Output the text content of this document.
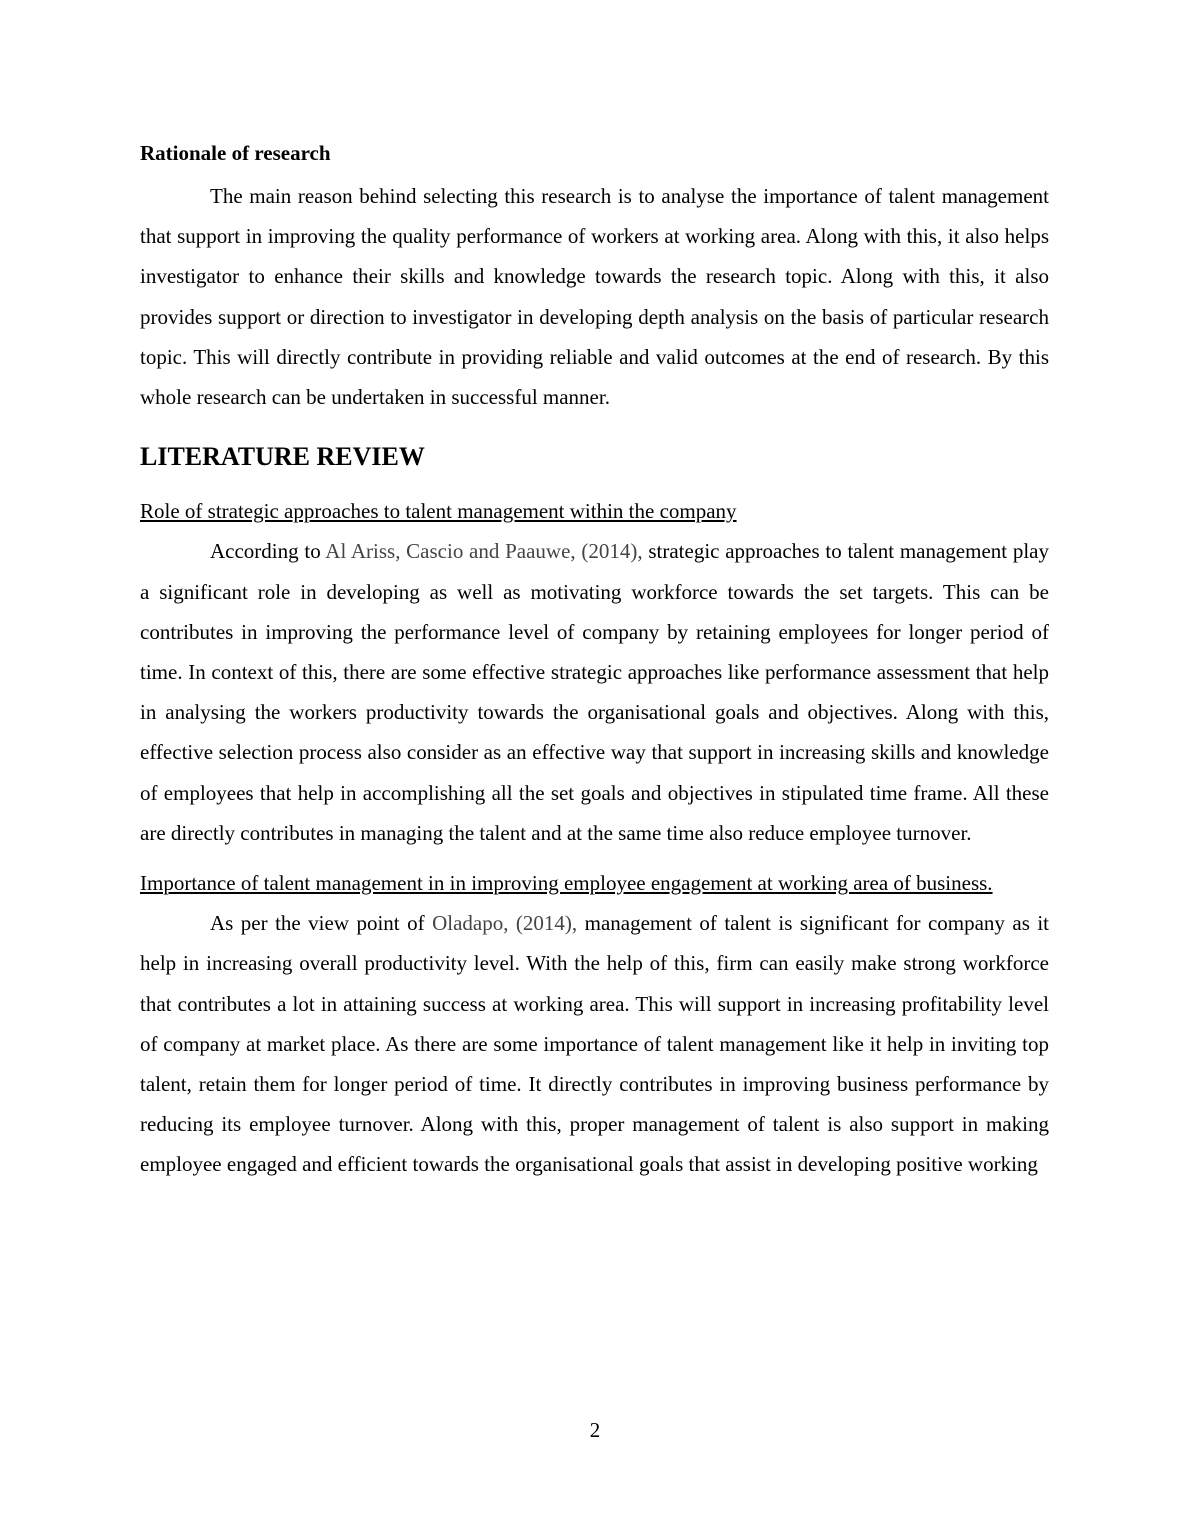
Rationale of research

The main reason behind selecting this research is to analyse the importance of talent management that support in improving the quality performance of workers at working area. Along with this, it also helps investigator to enhance their skills and knowledge towards the research topic. Along with this, it also provides support or direction to investigator in developing depth analysis on the basis of particular research topic. This will directly contribute in providing reliable and valid outcomes at the end of research. By this whole research can be undertaken in successful manner.

LITERATURE REVIEW
Role of strategic approaches to talent management within the company

According to Al Ariss, Cascio and Paauwe, (2014), strategic approaches to talent management play a significant role in developing as well as motivating workforce towards the set targets. This can be contributes in improving the performance level of company by retaining employees for longer period of time. In context of this, there are some effective strategic approaches like performance assessment that help in analysing the workers productivity towards the organisational goals and objectives. Along with this, effective selection process also consider as an effective way that support in increasing skills and knowledge of employees that help in accomplishing all the set goals and objectives in stipulated time frame. All these are directly contributes in managing the talent and at the same time also reduce employee turnover.

Importance of talent management in in improving employee engagement at working area of business.

As per the view point of Oladapo, (2014), management of talent is significant for company as it help in increasing overall productivity level. With the help of this, firm can easily make strong workforce that contributes a lot in attaining success at working area. This will support in increasing profitability level of company at market place. As there are some importance of talent management like it help in inviting top talent, retain them for longer period of time. It directly contributes in improving business performance by reducing its employee turnover. Along with this, proper management of talent is also support in making employee engaged and efficient towards the organisational goals that assist in developing positive working

2
